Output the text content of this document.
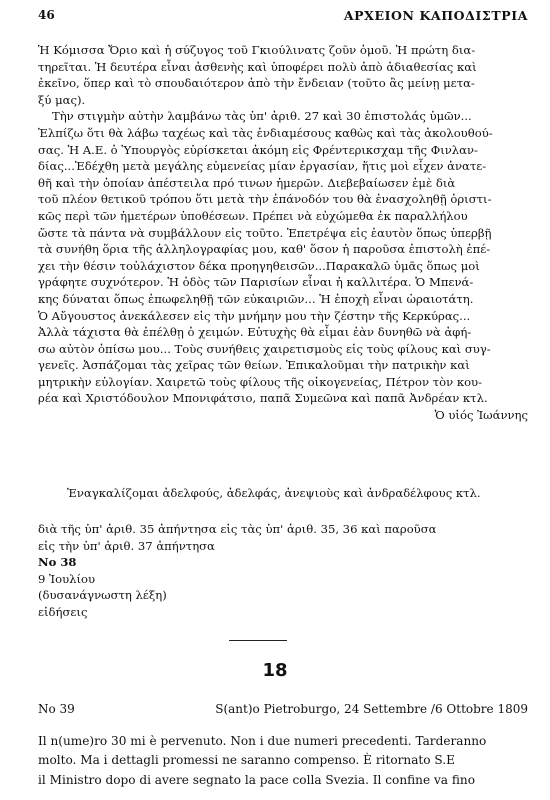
46	ΑΡΧΕΙΟΝ ΚΑΠΟΔΙΣΤΡΙΑ
Ἡ Κόμισσα Ὄριο καὶ ἡ σύζυγος τοῦ Γκιούλινατς ζοῦν ὁμοῦ. Ἡ πρώτη δια-
τηρεῖται. Ἡ δευτέρα εἶναι ἀσθενὴς καὶ ὑποφέρει πολὺ ἀπὸ ἀδιαθεσίας καὶ
ἐκεῖνο, ὅπερ καὶ τὸ σπουδαιότερον ἀπὸ τὴν ἔνδειαν (τοῦτο ἂς μείνῃ μετα-
ξύ μας).
Τὴν στιγμὴν αὐτὴν λαμβάνω τὰς ὑπ' ἀριθ. 27 καὶ 30 ἐπιστολάς ὑμῶν...
Ἐλπίζω ὅτι θὰ λάβω ταχέως καὶ τὰς ἐνδιαμέσους καθὼς καὶ τὰς ἀκολουθού-
σας. Ἡ Α.Ε. ὁ Ὑπουργὸς εὑρίσκεται ἀκόμη εἰς Φρέντερικσχαμ τῆς Φινλαν-
δίας...Ἐδέχθη μετὰ μεγάλης εὐμενείας μίαν ἐργασίαν, ἥτις μοὶ εἶχεν ἀνατε-
θῆ καὶ τὴν ὁποίαν ἀπέστειλα πρό τινων ἡμερῶν. Διεβεβαίωσεν ἐμὲ διὰ
τοῦ πλέον θετικοῦ τρόπου ὅτι μετὰ τὴν ἐπάνοδόν του θὰ ἐνασχοληθῇ ὁριστι-
κῶς περὶ τῶν ἡμετέρων ὑποθέσεων. Πρέπει νὰ εὐχώμεθα ἐκ παραλλήλου
ὥστε τὰ πάντα νὰ συμβάλλουν εἰς τοῦτο. Ἐπετρέψα εἰς ἑαυτὸν ὅπως ὑπερβῇ
τὰ συνήθη ὅρια τῆς ἀλληλογραφίας μου, καθ' ὅσον ἡ παροῦσα ἐπιστολὴ ἐπέ-
χει τὴν θέσιν τοὐλάχιστον δέκα προηγηθεισῶν...Παρακαλῶ ὑμᾶς ὅπως μοὶ
γράφητε συχνότερον. Ἡ ὁδὸς τῶν Παρισίων εἶναι ἡ καλλιτέρα. Ὁ Μπενά-
κης δύναται ὅπως ἐπωφεληθῇ τῶν εὐκαιριῶν... Ἡ ἐποχὴ εἶναι ὡραιοτάτη.
Ὁ Αὔγουστος ἀνεκάλεσεν εἰς τὴν μνήμην μου τὴν ζέστην τῆς Κερκύρας...
Ἀλλὰ τάχιστα θὰ ἐπέλθῃ ὁ χειμών. Εὐτυχὴς θὰ εἶμαι ἐὰν δυνηθῶ νὰ ἀφή-
σω αὐτὸν ὀπίσω μου... Τοὺς συνήθεις χαιρετισμοὺς εἰς τοὺς φίλους καὶ συγ-
γενεῖς. Ἀσπάζομαι τὰς χεῖρας τῶν θείων. Ἐπικαλοῦμαι τὴν πατρικὴν καὶ
μητρικὴν εὐλογίαν. Χαιρετῶ τοὺς φίλους τῆς οἰκογενείας, Πέτρον τὸν κου-
ρέα καὶ Χριστόδουλον Μπονιφάτσιο, παπᾶ Συμεῶνα καὶ παπᾶ Ἀνδρέαν κτλ.
Ὁ υἱός Ἰωάννης
Ἐναγκαλίζομαι ἀδελφούς, ἀδελφάς, ἀνεψιοὺς καὶ ἀνδραδέλφους κτλ.
διὰ τῆς ὑπ' ἀριθ. 35 ἀπήντησα εἰς τὰς ὑπ' ἀριθ. 35, 36 καὶ παροῦσα
εἰς τὴν ὑπ' ἀριθ. 37 ἀπήντησα
No 38
9 Ἰουλίου
(δυσανάγνωστη λέξη)
εἰδήσεις
18
No 39	S(ant)o Pietroburgo, 24 Settembre /6 Ottobre 1809
Il n(ume)ro 30 mi è pervenuto. Non i due numeri precedenti. Tarderanno
molto. Ma i dettagli promessi ne saranno compenso. È ritornato S.E
il Ministro dopo di avere segnato la pace colla Svezia. Il confine va fino
